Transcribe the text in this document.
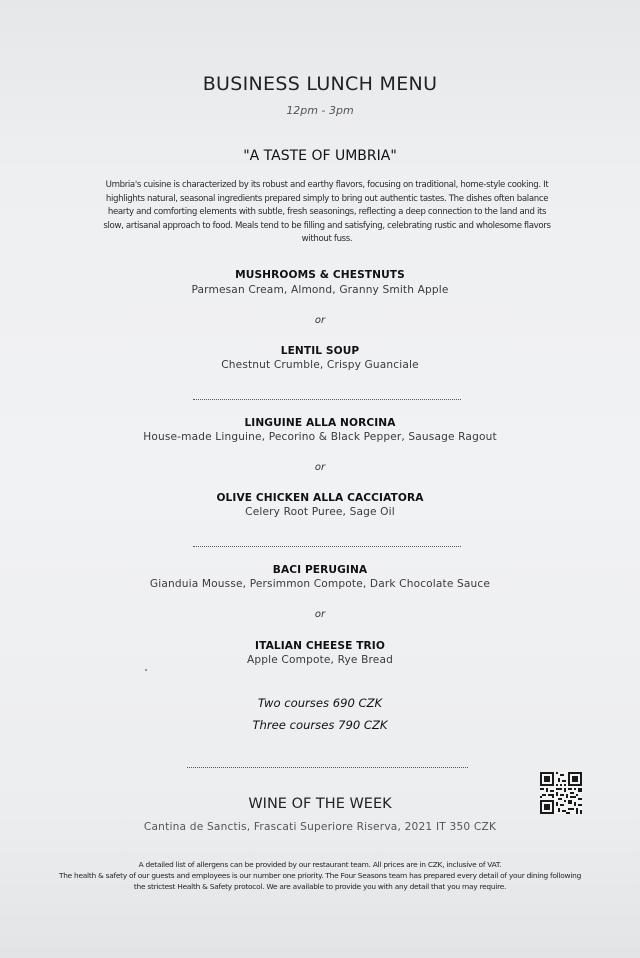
BUSINESS LUNCH MENU
12pm - 3pm
"A TASTE OF UMBRIA"
Umbria's cuisine is characterized by its robust and earthy flavors, focusing on traditional, home-style cooking. It
highlights natural, seasonal ingredients prepared simply to bring out authentic tastes. The dishes often balance
hearty and comforting elements with subtle, fresh seasonings, reflecting a deep connection to the land and its
slow, artisanal approach to food. Meals tend to be filling and satisfying, celebrating rustic and wholesome flavors
without fuss.
MUSHROOMS & CHESTNUTS
Parmesan Cream, Almond, Granny Smith Apple
or
LENTIL SOUP
Chestnut Crumble, Crispy Guanciale
LINGUINE ALLA NORCINA
House-made Linguine, Pecorino & Black Pepper, Sausage Ragout
or
OLIVE CHICKEN ALLA CACCIATORA
Celery Root Puree, Sage Oil
BACI PERUGINA
Gianduia Mousse, Persimmon Compote, Dark Chocolate Sauce
or
ITALIAN CHEESE TRIO
Apple Compote, Rye Bread
Two courses 690 CZK
Three courses 790 CZK
WINE OF THE WEEK
Cantina de Sanctis, Frascati Superiore Riserva, 2021 IT 350 CZK
A detailed list of allergens can be provided by our restaurant team. All prices are in CZK, inclusive of VAT.
The health & safety of our guests and employees is our number one priority. The Four Seasons team has prepared every detail of your dining following
the strictest Health & Safety protocol. We are available to provide you with any detail that you may require.
